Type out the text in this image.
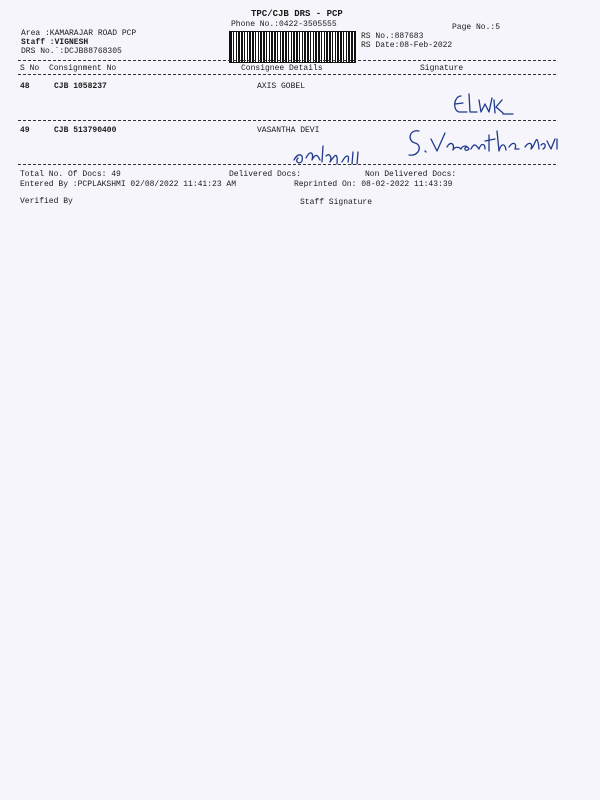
TPC/CJB DRS - PCP
Phone No.:0422-3505555
Area :KAMARAJAR ROAD PCP
Staff :VIGNESH
DRS No.`:DCJB88768305
Page No.:5
RS No.:887683
RS Date:08-Feb-2022
S No Consignment No	Consignee Details	Signature
48	CJB 1058237	AXIS GOBEL
49	CJB 513790400	VASANTHA DEVI
Total No. Of Docs: 49	Delivered Docs:	Non Delivered Docs:
Entered By :PCPLAKSHMI 02/08/2022 11:41:23 AM	Reprinted On: 08-02-2022 11:43:39
Verified By	Staff Signature
